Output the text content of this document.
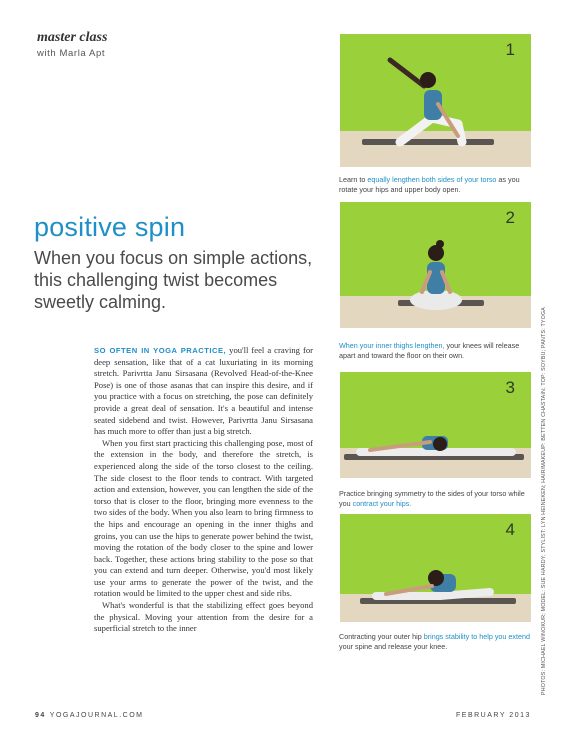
master class
with Marla Apt
positive spin
When you focus on simple actions, this challenging twist becomes sweetly calming.

SO OFTEN IN YOGA PRACTICE, you'll feel a craving for deep sensation, like that of a cat luxuriating in its morning stretch. Parivrtta Janu Sirsasana (Revolved Head-of-the-Knee Pose) is one of those asanas that can inspire this desire, and if you practice with a focus on stretching, the pose can definitely provide a great deal of sensation. It's a beautiful and intense seated sidebend and twist. However, Parivrtta Janu Sirsasana has much more to offer than just a big stretch.

When you first start practicing this challenging pose, most of the extension in the body, and therefore the stretch, is experienced along the side of the torso closest to the ceiling. The side closest to the floor tends to contract. With targeted action and extension, however, you can lengthen the side of the torso that is closer to the floor, bringing more evenness to the two sides of the body. When you also learn to bring firmness to the hips and encourage an opening in the inner thighs and groins, you can use the hips to generate power behind the twist, moving the rotation of the body closer to the spine and lower back. Together, these actions bring stability to the pose so that you can extend and turn deeper. Otherwise, you'd most likely use your arms to generate the power of the twist, and the rotation would be limited to the upper chest and side ribs.

What's wonderful is that the stabilizing effect goes beyond the physical. Moving your attention from the desire for a superficial stretch to the inner

1
Learn to equally lengthen both sides of your torso as you rotate your hips and upper body open.
2
When your inner thighs lengthen, your knees will release apart and toward the floor on their own.
3
Practice bringing symmetry to the sides of your torso while you contract your hips.
4
Contracting your outer hip brings stability to help you extend your spine and release your knee.	PHOTOS: MICHAEL WINOKUR; MODEL: SUE HARDY; STYLIST: LYN HEINEKEN; HAIR/MAKEUP: BETTEN CHASTAIN; TOP: SOYBU; PANTS: TYOGA
94 YOGAJOURNAL.COM	FEBRUARY 2013
